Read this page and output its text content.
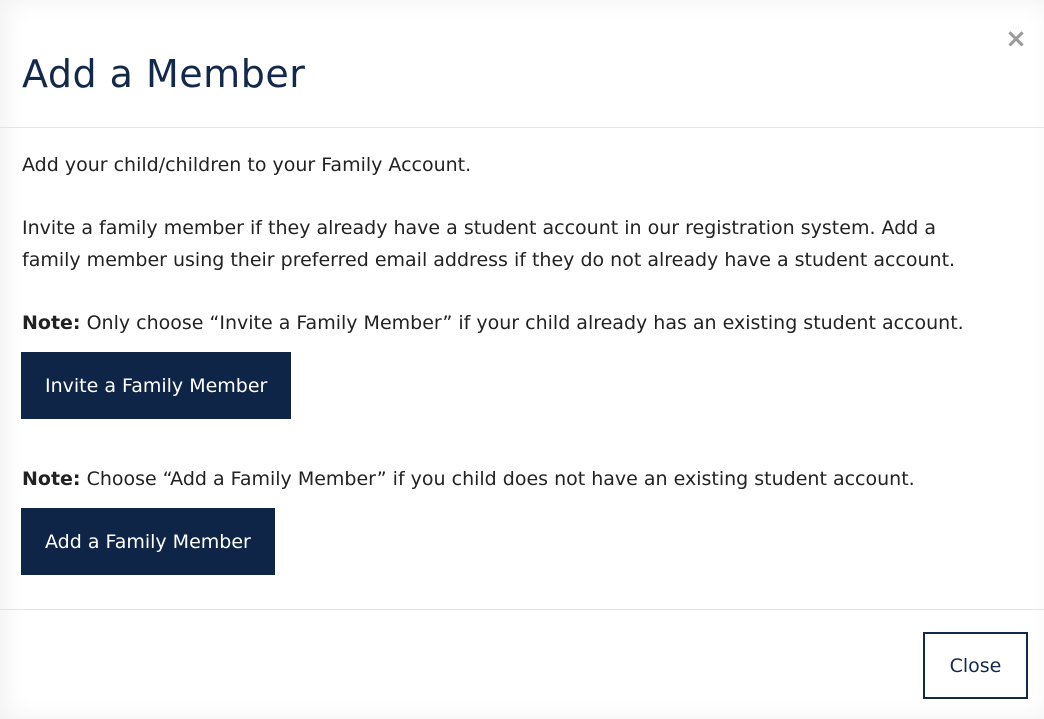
Add a Member
×

Add your child/children to your Family Account.

Invite a family member if they already have a student account in our registration system. Add a

family member using their preferred email address if they do not already have a student account.

Note: Only choose “Invite a Family Member” if your child already has an existing student account.

Invite a Family Member

Note: Choose “Add a Family Member” if you child does not have an existing student account.

Add a Family Member
Close
